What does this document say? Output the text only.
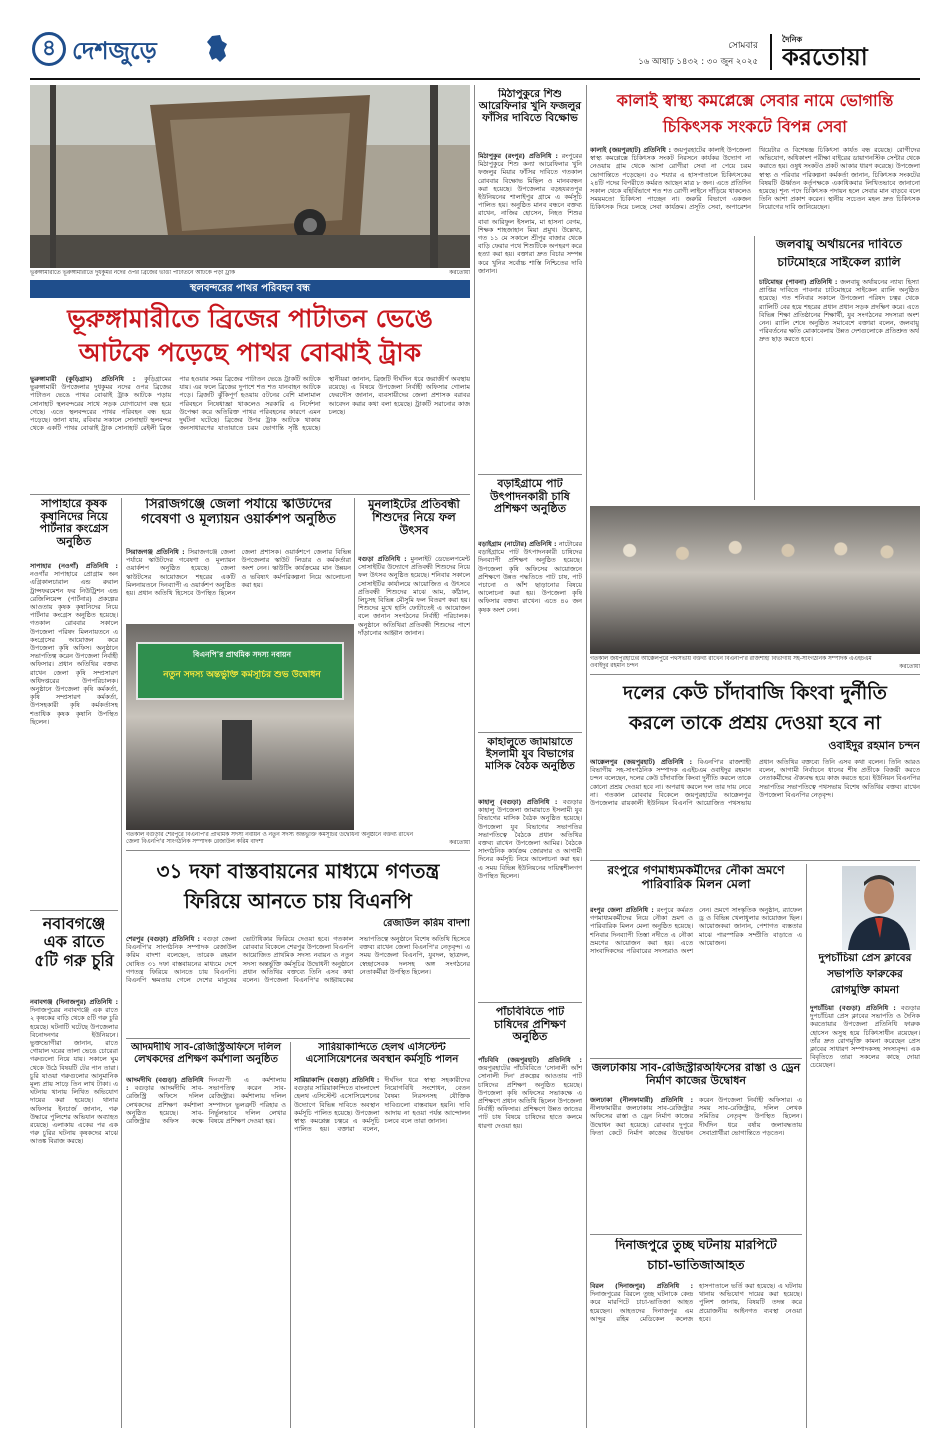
৪ দেশজুড়ে	সোমবার
১৬ আষাঢ় ১৪৩২ : ৩০ জুন ২০২৫
দৈনিক
করতোয়া
ভূরুঙ্গামারীতে ভূরুঙ্গামারীতে দুধকুমর নদের ওপর ব্রিজের ভাঙা পাটাতনে আটকে পড়া ট্রাক	করতোয়া
স্থলবন্দরের পাথর পরিবহন বন্ধ
ভূরুঙ্গামারীতে ব্রিজের পাটাতন ভেঙে
আটকে পড়েছে পাথর বোঝাই ট্রাক
ভুরুঙ্গামারী (কুড়িগ্রাম) প্রতিনিধি : কুড়িগ্রামের ভুরুঙ্গামারী উপজেলার দুধকুমর নদের ওপর ব্রিজের পাটাতন ভেঙে পাথর বোঝাই ট্রাক আটকে পড়ায় সোনাহাট স্থলবন্দরের সাথে সড়ক যোগাযোগ বন্ধ হয়ে গেছে। এতে স্থলবন্দরের পাথর পরিবহন বন্ধ হয়ে পড়েছে। জানা যায়, রবিবার সকালে সোনাহাট স্থলবন্দর থেকে একটি পাথর বোঝাই ট্রাক সোনাহাট রেইলী ব্রিজ পার হওয়ার সময় ব্রিজের পাটাতন ভেঙে ট্রাকটি আটকে যায়। এর ফলে ব্রিজের দুপাশে শত শত যানবাহন আটকে পড়ে। ব্রিজটি ঝুঁকিপূর্ণ হওয়ায় ৫টনের বেশি মালামাল পরিবহনে নিষেধাজ্ঞা থাকলেও সরকারি এ নির্দেশনা উপেক্ষা করে অতিরিক্ত পাথর পরিবহনের কারণে এমন দুর্ঘটনা ঘটেছে। ব্রিজের উপর ট্রাক আটকে থাকায় জনসাধারণের যাতায়াতে চরম ভোগান্তি সৃষ্টি হয়েছে। স্থানীয়রা জানান, ব্রিজটি দীর্ঘদিন ধরে জরাজীর্ণ অবস্থায় রয়েছে। এ বিষয়ে উপজেলা নির্বাহী অফিসার গোলাম ফেরদৌস জানান, ব্যবসায়ীদের জেলা প্রশাসক বরাবর আবেদন করার কথা বলা হয়েছে। ট্রাকটি সরানোর কাজ চলছে।
সাপাহারে কৃষক কৃষানিদের নিয়ে পার্টনার কংগ্রেস অনুষ্ঠিত
সাপাহার (নওগাঁ) প্রতিনিধি : নওগাঁর সাপাহারে প্রোগ্রাম অন এগ্রিকালচারাল এন্ড রুরাল ট্রান্সফরমেশন ফর নিউট্রিশন এন্ড রেজিলিয়েন্স (পার্টনার) প্রকল্পের আওতায় কৃষক কৃষানিদের নিয়ে পার্টনার কংগ্রেস অনুষ্ঠিত হয়েছে। গতকাল রোববার সকালে উপজেলা পরিষদ মিলনায়তনে এ কংগ্রেসের আয়োজন করে উপজেলা কৃষি অফিস। অনুষ্ঠানে সভাপতিত্ব করেন উপজেলা নির্বাহী অফিসার। প্রধান অতিথির বক্তব্য রাখেন জেলা কৃষি সম্প্রসারণ অধিদপ্তরের উপপরিচালক। অনুষ্ঠানে উপজেলা কৃষি কর্মকর্তা, কৃষি সম্প্রসারণ কর্মকর্তা, উপসহকারী কৃষি কর্মকর্তাসহ শতাধিক কৃষক কৃষানি উপস্থিত ছিলেন।
নবাবগঞ্জে এক রাতে ৫টি গরু চুরি
নবাবগঞ্জ (দিনাজপুর) প্রতিনিধি : দিনাজপুরের নবাবগঞ্জে এক রাতে ২ কৃষকের বাড়ি থেকে ৫টি গরু চুরি হয়েছে। ঘটনাটি ঘটেছে উপজেলার বিনোদনগর ইউনিয়নে। ভুক্তভোগীরা জানান, রাতে গোয়াল ঘরের তালা ভেঙে চোরেরা গরুগুলো নিয়ে যায়। সকালে ঘুম থেকে উঠে বিষয়টি টের পান তারা। চুরি যাওয়া গরুগুলোর আনুমানিক মূল্য প্রায় সাড়ে তিন লাখ টাকা। এ ঘটনায় থানায় লিখিত অভিযোগ দায়ের করা হয়েছে। থানার অফিসার ইনচার্জ জানান, গরু উদ্ধারে পুলিশের অভিযান অব্যাহত রয়েছে। এলাকায় একের পর এক গরু চুরির ঘটনায় কৃষকদের মাঝে আতঙ্ক বিরাজ করছে।
সিরাজগঞ্জে জেলা পর্যায়ে স্কাউটদের গবেষণা ও মূল্যায়ন ওয়ার্কশপ অনুষ্ঠিত
সিরাজগঞ্জ প্রতিনিধি : সিরাজগঞ্জে জেলা পর্যায়ে স্কাউটদের গবেষণা ও মূল্যায়ন ওয়ার্কশপ অনুষ্ঠিত হয়েছে। জেলা স্কাউটসের আয়োজনে শহরের একটি মিলনায়তনে দিনব্যাপী এ ওয়ার্কশপ অনুষ্ঠিত হয়। প্রধান অতিথি হিসেবে উপস্থিত ছিলেন জেলা প্রশাসক। ওয়ার্কশপে জেলার বিভিন্ন উপজেলার স্কাউট লিডার ও কর্মকর্তারা অংশ নেন। স্কাউটিং কার্যক্রমের মান উন্নয়ন ও ভবিষ্যৎ কর্মপরিকল্পনা নিয়ে আলোচনা করা হয়।
মুনলাইটের প্রতিবন্ধী শিশুদের নিয়ে ফল উৎসব
বগুড়া প্রতিনিধি : মুনলাইট ডেভেলপমেন্ট সোসাইটির উদ্যোগে প্রতিবন্ধী শিশুদের নিয়ে ফল উৎসব অনুষ্ঠিত হয়েছে। শনিবার সকালে সোসাইটির কার্যালয়ে আয়োজিত এ উৎসবে প্রতিবন্ধী শিশুদের মাঝে আম, কাঁঠাল, লিচুসহ বিভিন্ন মৌসুমি ফল বিতরণ করা হয়। শিশুদের মুখে হাসি ফোটাতেই এ আয়োজন বলে জানান সংগঠনের নির্বাহী পরিচালক। অনুষ্ঠানে অতিথিরা প্রতিবন্ধী শিশুদের পাশে দাঁড়ানোর আহ্বান জানান।
বিএনপি'র প্রাথমিক সদস্য নবায়ন
নতুন সদস্য অন্তর্ভুক্তি কর্মসূচির শুভ উদ্বোধন
গতকাল বগুড়ার শেরপুরে বিএনপি'র প্রাথমিক সদস্য নবায়ন ও নতুন সদস্য অন্তর্ভুক্তি কর্মসূচির উদ্বোধনী অনুষ্ঠানে বক্তব্য রাখেন জেলা বিএনপি'র সাংগঠনিক সম্পাদক রেজাউল করিম বাদশা	করতোয়া
৩১ দফা বাস্তবায়নের মাধ্যমে গণতন্ত্র
ফিরিয়ে আনতে চায় বিএনপি
রেজাউল করিম বাদশা
শেরপুর (বগুড়া) প্রতিনিধি : বগুড়া জেলা বিএনপি'র সাংগঠনিক সম্পাদক রেজাউল করিম বাদশা বলেছেন, তারেক রহমান ঘোষিত ৩১ দফা বাস্তবায়নের মাধ্যমে দেশে গণতন্ত্র ফিরিয়ে আনতে চায় বিএনপি। বিএনপি ক্ষমতায় গেলে দেশের মানুষের ভোটাধিকার ফিরিয়ে দেওয়া হবে। গতকাল রোববার বিকেলে শেরপুর উপজেলা বিএনপি আয়োজিত প্রাথমিক সদস্য নবায়ন ও নতুন সদস্য অন্তর্ভুক্তি কর্মসূচির উদ্বোধনী অনুষ্ঠানে প্রধান অতিথির বক্তব্যে তিনি এসব কথা বলেন। উপজেলা বিএনপি'র আহ্বায়কের সভাপতিত্বে অনুষ্ঠানে বিশেষ অতিথি হিসেবে বক্তব্য রাখেন জেলা বিএনপি'র নেতৃবৃন্দ। এ সময় উপজেলা বিএনপি, যুবদল, ছাত্রদল, স্বেচ্ছাসেবক দলসহ অঙ্গ সংগঠনের নেতাকর্মীরা উপস্থিত ছিলেন।
আদমদীঘি সাব-রেজিস্ট্রিঅফিসে দলিল লেখকদের প্রশিক্ষণ কর্মশালা অনুষ্ঠিত
আদমদীঘি (বগুড়া) প্রতিনিধি : বগুড়ার আদমদীঘি সাব-রেজিস্ট্রি অফিসে দলিল লেখকদের প্রশিক্ষণ কর্মশালা অনুষ্ঠিত হয়েছে। সাব-রেজিস্ট্রার অফিস কক্ষে দিনব্যাপী এ কর্মশালায় সভাপতিত্ব করেন সাব-রেজিস্ট্রার। কর্মশালায় দলিল সম্পাদনে ভুলত্রুটি পরিহার ও নির্ভুলভাবে দলিল লেখার বিষয়ে প্রশিক্ষণ দেওয়া হয়।
সারিয়াকান্দিতে হেলথ এসিস্টেন্ট এসোসিয়েশনের অবস্থান কর্মসূচি পালন
সারিয়াকান্দি (বগুড়া) প্রতিনিধি : বগুড়ার সারিয়াকান্দিতে বাংলাদেশ হেলথ এসিস্টেন্ট এসোসিয়েশনের উদ্যোগে বিভিন্ন দাবিতে অবস্থান কর্মসূচি পালিত হয়েছে। উপজেলা স্বাস্থ্য কমপ্লেক্স চত্বরে এ কর্মসূচি পালিত হয়। বক্তারা বলেন, দীর্ঘদিন ধরে স্বাস্থ্য সহকারীদের নিয়োগবিধি সংশোধন, বেতন বৈষম্য নিরসনসহ যৌক্তিক দাবিগুলো বাস্তবায়ন হয়নি। দাবি আদায় না হওয়া পর্যন্ত আন্দোলন চলবে বলে তারা জানান।
মিঠাপুকুরে শিশু আরেফিনার খুনি ফজলুর ফাঁসির দাবিতে বিক্ষোভ
মিঠাপুকুর (রংপুর) প্রতিনিধি : রংপুরের মিঠাপুকুরে শিশু কন্যা আরেফিনার খুনি ফজলুর মিয়ার ফাঁসির দাবিতে গতকাল রোববার বিক্ষোভ মিছিল ও মানববন্ধন করা হয়েছে। উপজেলার বড়হযরতপুর ইউনিয়নের শালাইপুর গ্রামে এ কর্মসূচি পালিত হয়। অনুষ্ঠিত মানব বন্ধনে বক্তব্য রাখেন, নাজির হোসেন, নিহত শিশুর বাবা আরিফুল ইসলাম, মা হাসনা বেগম, শিক্ষক শাহজাহান মিয়া প্রমুখ। উল্লেখ্য, গত ১১ মে সকালে শ্রীপুর বাজার থেকে বাড়ি ফেরার পথে শিশুটিকে অপহরণ করে হত্যা করা হয়। বক্তারা দ্রুত বিচার সম্পন্ন করে খুনির সর্বোচ্চ শাস্তি নিশ্চিতের দাবি জানান।
বড়াইগ্রামে পাট উৎপাদনকারী চাষি প্রশিক্ষণ অনুষ্ঠিত
বড়াইগ্রাম (নাটোর) প্রতিনিধি : নাটোরের বড়াইগ্রামে পাট উৎপাদনকারী চাষিদের দিনব্যাপী প্রশিক্ষণ অনুষ্ঠিত হয়েছে। উপজেলা কৃষি অফিসের আয়োজনে প্রশিক্ষণে উন্নত পদ্ধতিতে পাট চাষ, পাট পচানো ও আঁশ ছাড়ানোর বিষয়ে আলোচনা করা হয়। উপজেলা কৃষি অফিসার বক্তব্য রাখেন। এতে ৪০ জন কৃষক অংশ নেন।
কাহালুতে জামায়াতে ইসলামী যুব বিভাগের মাসিক বৈঠক অনুষ্ঠিত
কাহালু (বগুড়া) প্রতিনিধি : বগুড়ার কাহালু উপজেলা জামায়াতে ইসলামী যুব বিভাগের মাসিক বৈঠক অনুষ্ঠিত হয়েছে। উপজেলা যুব বিভাগের সভাপতির সভাপতিত্বে বৈঠকে প্রধান অতিথির বক্তব্য রাখেন উপজেলা আমির। বৈঠকে সাংগঠনিক কার্যক্রম জোরদার ও আগামী দিনের কর্মসূচি নিয়ে আলোচনা করা হয়। এ সময় বিভিন্ন ইউনিয়নের দায়িত্বশীলগণ উপস্থিত ছিলেন।
পাঁচবিবিতে পাট চাষিদের প্রশিক্ষণ অনুষ্ঠিত
পাঁচবিবি (জয়পুরহাট) প্রতিনিধি : জয়পুরহাটের পাঁচবিবিতে 'সোনালী আঁশ সোনালী দিন' প্রকল্পের আওতায় পাট চাষিদের প্রশিক্ষণ অনুষ্ঠিত হয়েছে। উপজেলা কৃষি অফিসের সভাকক্ষে এ প্রশিক্ষণে প্রধান অতিথি ছিলেন উপজেলা নির্বাহী অফিসার। প্রশিক্ষণে উন্নত জাতের পাট চাষ বিষয়ে চাষিদের হাতে কলমে ধারণা দেওয়া হয়।
কালাই স্বাস্থ্য কমপ্লেক্সে সেবার নামে ভোগান্তি
চিকিৎসক সংকটে বিপন্ন সেবা
কালাই (জয়পুরহাট) প্রতিনিধি : জয়পুরহাটের কালাই উপজেলা স্বাস্থ্য কমপ্লেক্সে চিকিৎসক সংকট নিরসনে কার্যকর উদ্যোগ না নেওয়ায় গ্রাম থেকে আসা রোগীরা সেবা না পেয়ে চরম ভোগান্তিতে পড়েছেন। ৫০ শয্যার এ হাসপাতালে চিকিৎসকের ২৪টি পদের বিপরীতে কর্মরত আছেন মাত্র ৮ জন। এতে প্রতিদিন সকাল থেকে বহির্বিভাগে শত শত রোগী লাইনে দাঁড়িয়ে থাকলেও সময়মতো চিকিৎসা পাচ্ছেন না। জরুরি বিভাগে একজন চিকিৎসক দিয়ে চলছে সেবা কার্যক্রম। প্রসূতি সেবা, অপারেশন থিয়েটার ও বিশেষজ্ঞ চিকিৎসা কার্যত বন্ধ রয়েছে। রোগীদের অভিযোগ, অধিকাংশ পরীক্ষা বাইরের ডায়াগনস্টিক সেন্টার থেকে করাতে হয়। ওষুধ সংকটও প্রকট আকার ধারণ করেছে। উপজেলা স্বাস্থ্য ও পরিবার পরিকল্পনা কর্মকর্তা জানান, চিকিৎসক সংকটের বিষয়টি ঊর্ধ্বতন কর্তৃপক্ষকে একাধিকবার লিখিতভাবে জানানো হয়েছে। শূন্য পদে চিকিৎসক পদায়ন হলে সেবার মান বাড়বে বলে তিনি আশা প্রকাশ করেন। স্থানীয় সচেতন মহল দ্রুত চিকিৎসক নিয়োগের দাবি জানিয়েছেন।
জলবায়ু অর্থায়নের দাবিতে
চাটমোহরে সাইকেল র‌্যালি
চাটমোহর (পাবনা) প্রতিনিধি : জলবায়ু অর্থায়নের ন্যায্য হিস্যা প্রাপ্তির দাবিতে পাবনার চাটমোহরে সাইকেল র‌্যালি অনুষ্ঠিত হয়েছে। গত শনিবার সকালে উপজেলা পরিষদ চত্বর থেকে র‌্যালিটি বের হয়ে শহরের প্রধান প্রধান সড়ক প্রদক্ষিণ করে। এতে বিভিন্ন শিক্ষা প্রতিষ্ঠানের শিক্ষার্থী, যুব সংগঠনের সদস্যরা অংশ নেন। র‌্যালি শেষে অনুষ্ঠিত সমাবেশে বক্তারা বলেন, জলবায়ু পরিবর্তনের ক্ষতি মোকাবেলায় উন্নত দেশগুলোকে প্রতিশ্রুত অর্থ দ্রুত ছাড় করতে হবে।
গতকাল জয়পুরহাটের আক্কেলপুরে পথসভায় বক্তব্য রাখেন বিএনপি'র রাজশাহী বিভাগীয় সহ-সাংগঠনিক সম্পাদক এএইচএম ওবাইদুর রহমান চন্দন	করতোয়া
দলের কেউ চাঁদাবাজি কিংবা দুর্নীতি
করলে তাকে প্রশ্রয় দেওয়া হবে না
ওবাইদুর রহমান চন্দন
আক্কেলপুর (জয়পুরহাট) প্রতিনিধি : বিএনপি'র রাজশাহী বিভাগীয় সহ-সাংগঠনিক সম্পাদক এএইচএম ওবাইদুর রহমান চন্দন বলেছেন, দলের কেউ চাঁদাবাজি কিংবা দুর্নীতি করলে তাকে কোনো প্রশ্রয় দেওয়া হবে না। অপরাধ করলে দল তার দায় নেবে না। গতকাল রোববার বিকেলে জয়পুরহাটের আক্কেলপুর উপজেলার রায়কালী ইউনিয়ন বিএনপি আয়োজিত পথসভায় প্রধান অতিথির বক্তব্যে তিনি এসব কথা বলেন। তিনি আরও বলেন, আগামী নির্বাচনে ধানের শীষ প্রতীকে বিজয়ী করতে নেতাকর্মীদের ঐক্যবদ্ধ হয়ে কাজ করতে হবে। ইউনিয়ন বিএনপির সভাপতির সভাপতিত্বে পথসভায় বিশেষ অতিথির বক্তব্য রাখেন উপজেলা বিএনপির নেতৃবৃন্দ।
রংপুরে গণমাধ্যমকর্মীদের নৌকা ভ্রমণে পারিবারিক মিলন মেলা
রংপুর জেলা প্রতিনিধি : রংপুরে কর্মরত গণমাধ্যমকর্মীদের নিয়ে নৌকা ভ্রমণ ও পারিবারিক মিলন মেলা অনুষ্ঠিত হয়েছে। শনিবার দিনব্যাপী তিস্তা নদীতে এ নৌকা ভ্রমণের আয়োজন করা হয়। এতে সাংবাদিকদের পরিবারের সদস্যরাও অংশ নেন। ভ্রমণে সাংস্কৃতিক অনুষ্ঠান, র‌্যাফেল ড্র ও বিভিন্ন খেলাধুলার আয়োজন ছিল। আয়োজকরা জানান, পেশাগত ব্যস্ততার মাঝে পারস্পরিক সম্প্রীতি বাড়াতে এ আয়োজন।
দুপচাঁচিয়া প্রেস ক্লাবের
সভাপতি ফারুকের
রোগমুক্তি কামনা
দুপচাঁচিয়া (বগুড়া) প্রতিনিধি : বগুড়ার দুপচাঁচিয়া প্রেস ক্লাবের সভাপতি ও দৈনিক করতোয়ার উপজেলা প্রতিনিধি ফারুক হোসেন অসুস্থ হয়ে চিকিৎসাধীন রয়েছেন। তাঁর দ্রুত রোগমুক্তি কামনা করেছেন প্রেস ক্লাবের সাধারণ সম্পাদকসহ সদস্যবৃন্দ। এক বিবৃতিতে তারা সকলের কাছে দোয়া চেয়েছেন।
জলঢাকায় সাব-রেজিস্ট্রারঅফিসের রাস্তা ও ড্রেন নির্মাণ কাজের উদ্বোধন
জলঢাকা (নীলফামারী) প্রতিনিধি : নীলফামারীর জলঢাকায় সাব-রেজিস্ট্রার অফিসের রাস্তা ও ড্রেন নির্মাণ কাজের উদ্বোধন করা হয়েছে। রোববার দুপুরে ফিতা কেটে নির্মাণ কাজের উদ্বোধন করেন উপজেলা নির্বাহী অফিসার। এ সময় সাব-রেজিস্ট্রার, দলিল লেখক সমিতির নেতৃবৃন্দ উপস্থিত ছিলেন। দীর্ঘদিন ধরে বর্ষায় জলাবদ্ধতায় সেবাপ্রার্থীরা ভোগান্তিতে পড়তেন।
দিনাজপুরে তুচ্ছ ঘটনায় মারপিটে
চাচা-ভাতিজাআহত
বিরল (দিনাজপুর) প্রতিনিধি : দিনাজপুরের বিরলে তুচ্ছ ঘটনাকে কেন্দ্র করে মারপিটে চাচা-ভাতিজা আহত হয়েছেন। আহতদের দিনাজপুর এম আব্দুর রহিম মেডিকেল কলেজ হাসপাতালে ভর্তি করা হয়েছে। এ ঘটনায় থানায় অভিযোগ দায়ের করা হয়েছে। পুলিশ জানায়, বিষয়টি তদন্ত করে প্রয়োজনীয় আইনগত ব্যবস্থা নেওয়া হবে।
